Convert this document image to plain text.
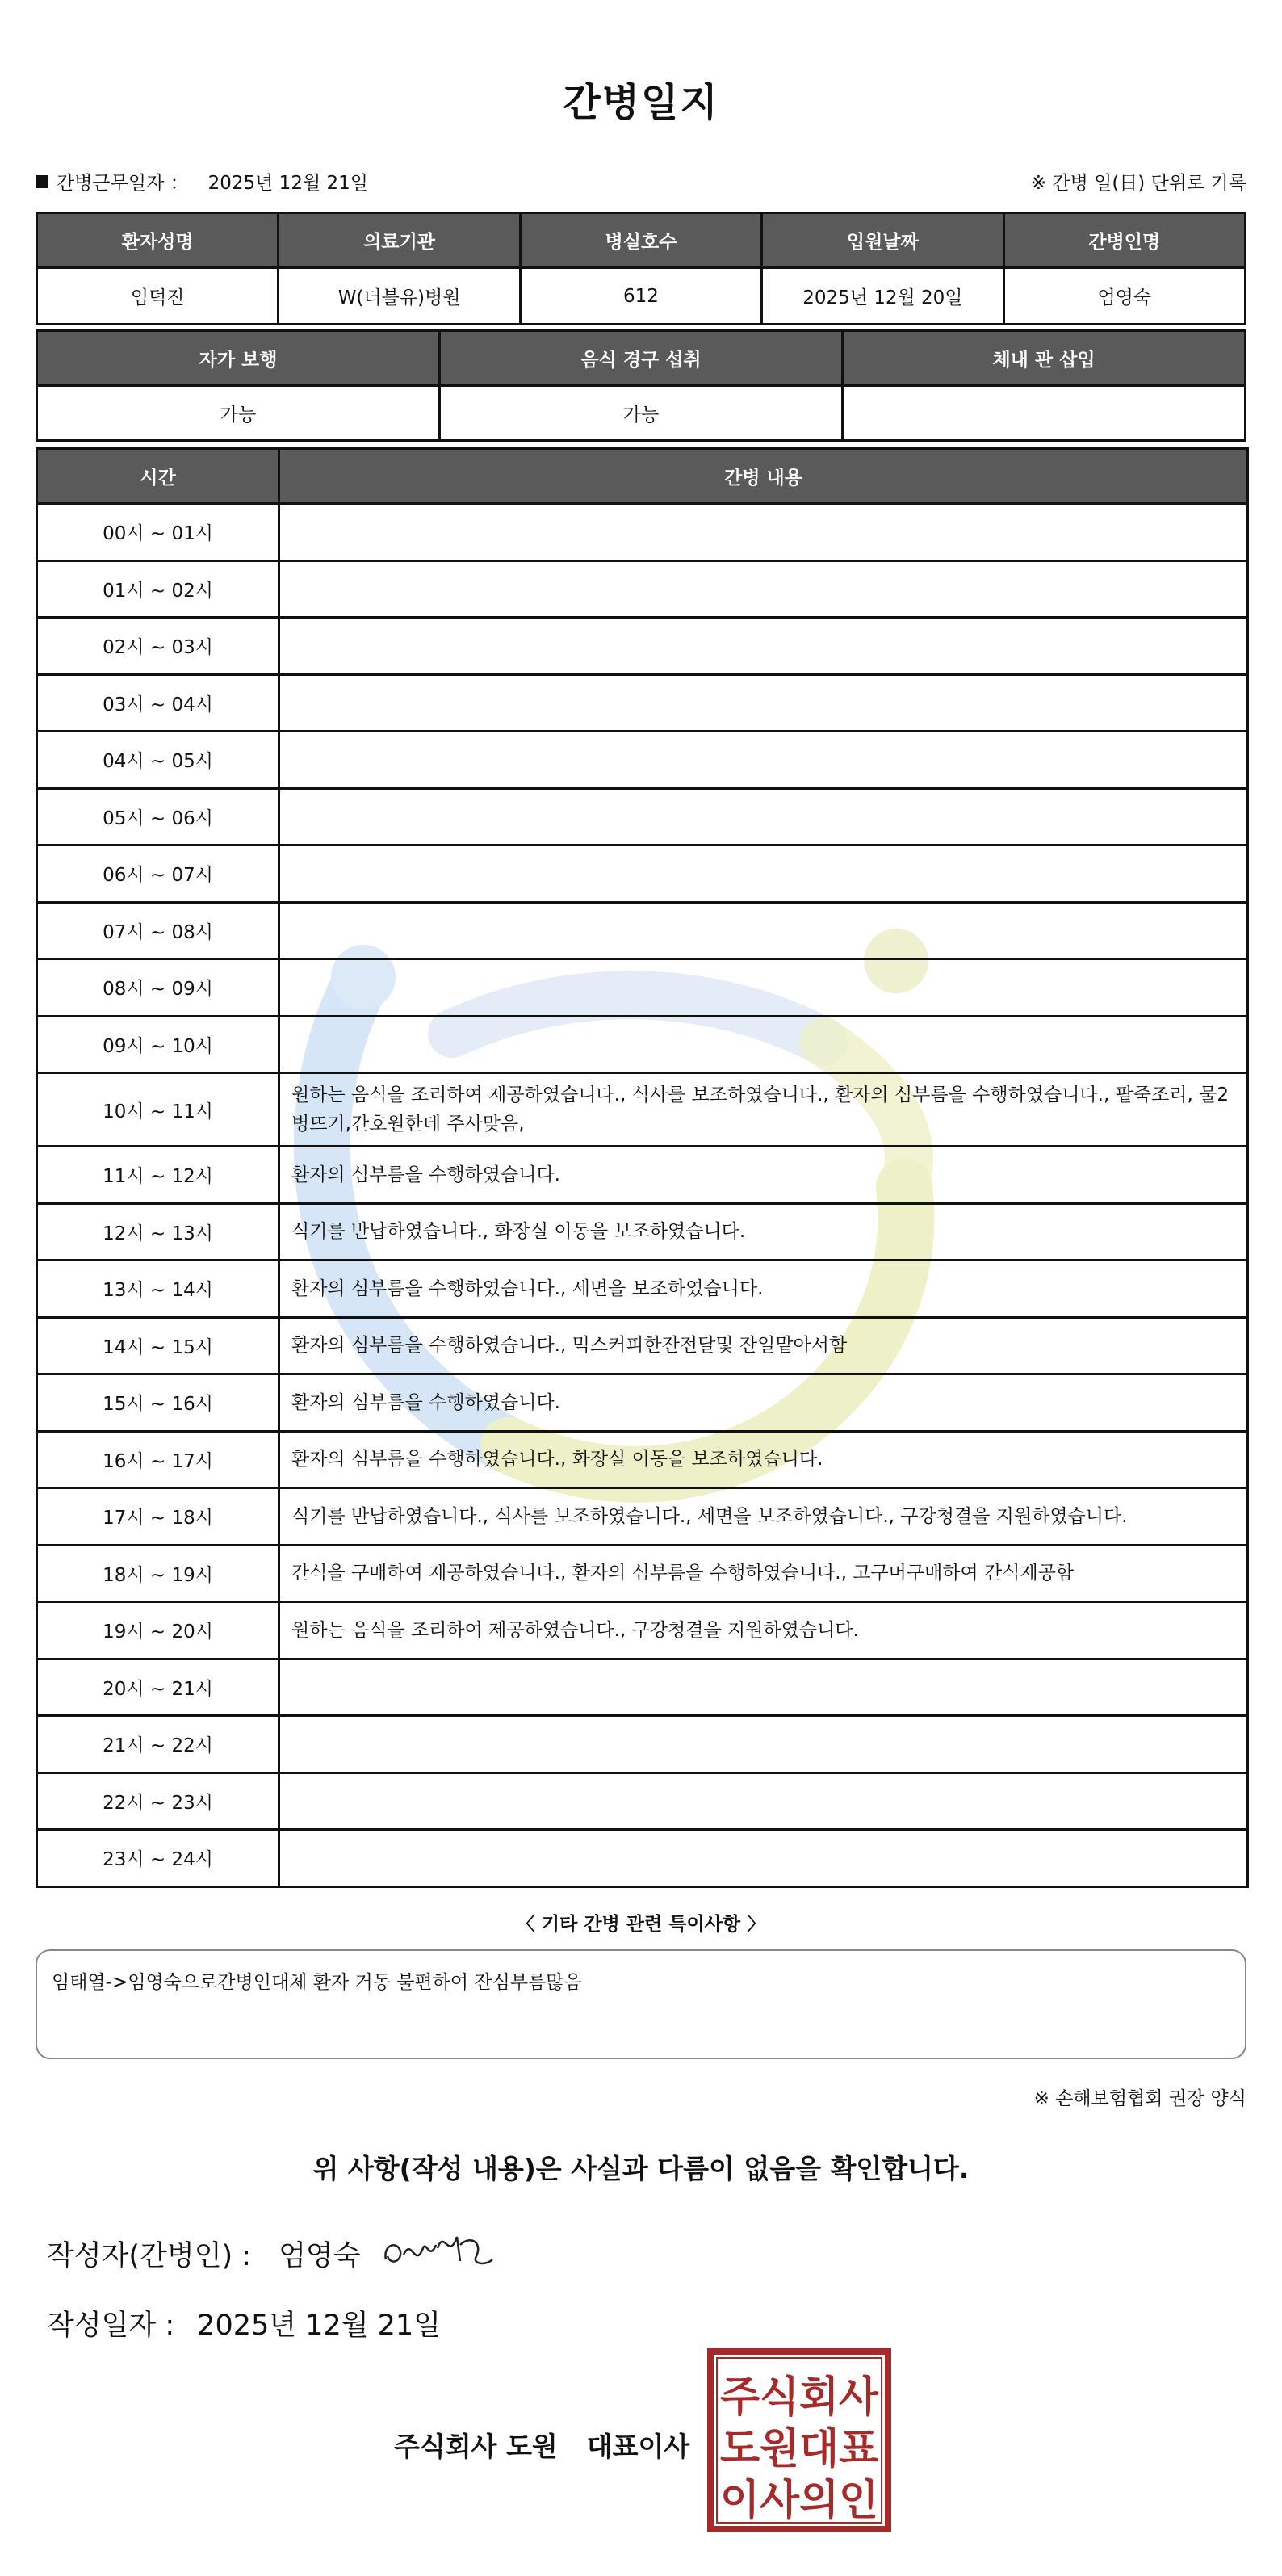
간병일지
간병근무일자 ： 2025년 12월 21일	※ 간병 일(日) 단위로 기록
환자성명	의료기관	병실호수	입원날짜	간병인명
임덕진	W(더블유)병원	612	2025년 12월 20일	엄영숙
자가 보행	음식 경구 섭취	체내 관 삽입
가능	가능	
시간	간병 내용
00시 ~ 01시	
01시 ~ 02시	
02시 ~ 03시	
03시 ~ 04시	
04시 ~ 05시	
05시 ~ 06시	
06시 ~ 07시	
07시 ~ 08시	
08시 ~ 09시	
09시 ~ 10시	
10시 ~ 11시	원하는 음식을 조리하여 제공하였습니다., 식사를 보조하였습니다., 환자의 심부름을 수행하였습니다., 팥죽조리, 물2병뜨기,간호원한테 주사맞음,
11시 ~ 12시	환자의 심부름을 수행하였습니다.
12시 ~ 13시	식기를 반납하였습니다., 화장실 이동을 보조하였습니다.
13시 ~ 14시	환자의 심부름을 수행하였습니다., 세면을 보조하였습니다.
14시 ~ 15시	환자의 심부름을 수행하였습니다., 믹스커피한잔전달및 잔일맡아서함
15시 ~ 16시	환자의 심부름을 수행하였습니다.
16시 ~ 17시	환자의 심부름을 수행하였습니다., 화장실 이동을 보조하였습니다.
17시 ~ 18시	식기를 반납하였습니다., 식사를 보조하였습니다., 세면을 보조하였습니다., 구강청결을 지원하였습니다.
18시 ~ 19시	간식을 구매하여 제공하였습니다., 환자의 심부름을 수행하였습니다., 고구머구매하여 간식제공함
19시 ~ 20시	원하는 음식을 조리하여 제공하였습니다., 구강청결을 지원하였습니다.
20시 ~ 21시	
21시 ~ 22시	
22시 ~ 23시	
23시 ~ 24시	
〈 기타 간병 관련 특이사항 〉
임태열->엄영숙으로간병인대체 환자 거동 불편하여 잔심부름많음
※ 손해보험협회 권장 양식
위 사항(작성 내용)은 사실과 다름이 없음을 확인합니다.
작성자(간병인) : 엄영숙
작성일자 : 2025년 12월 21일
주식회사 도원 대표이사
주식회사
도원대표
이사의인
